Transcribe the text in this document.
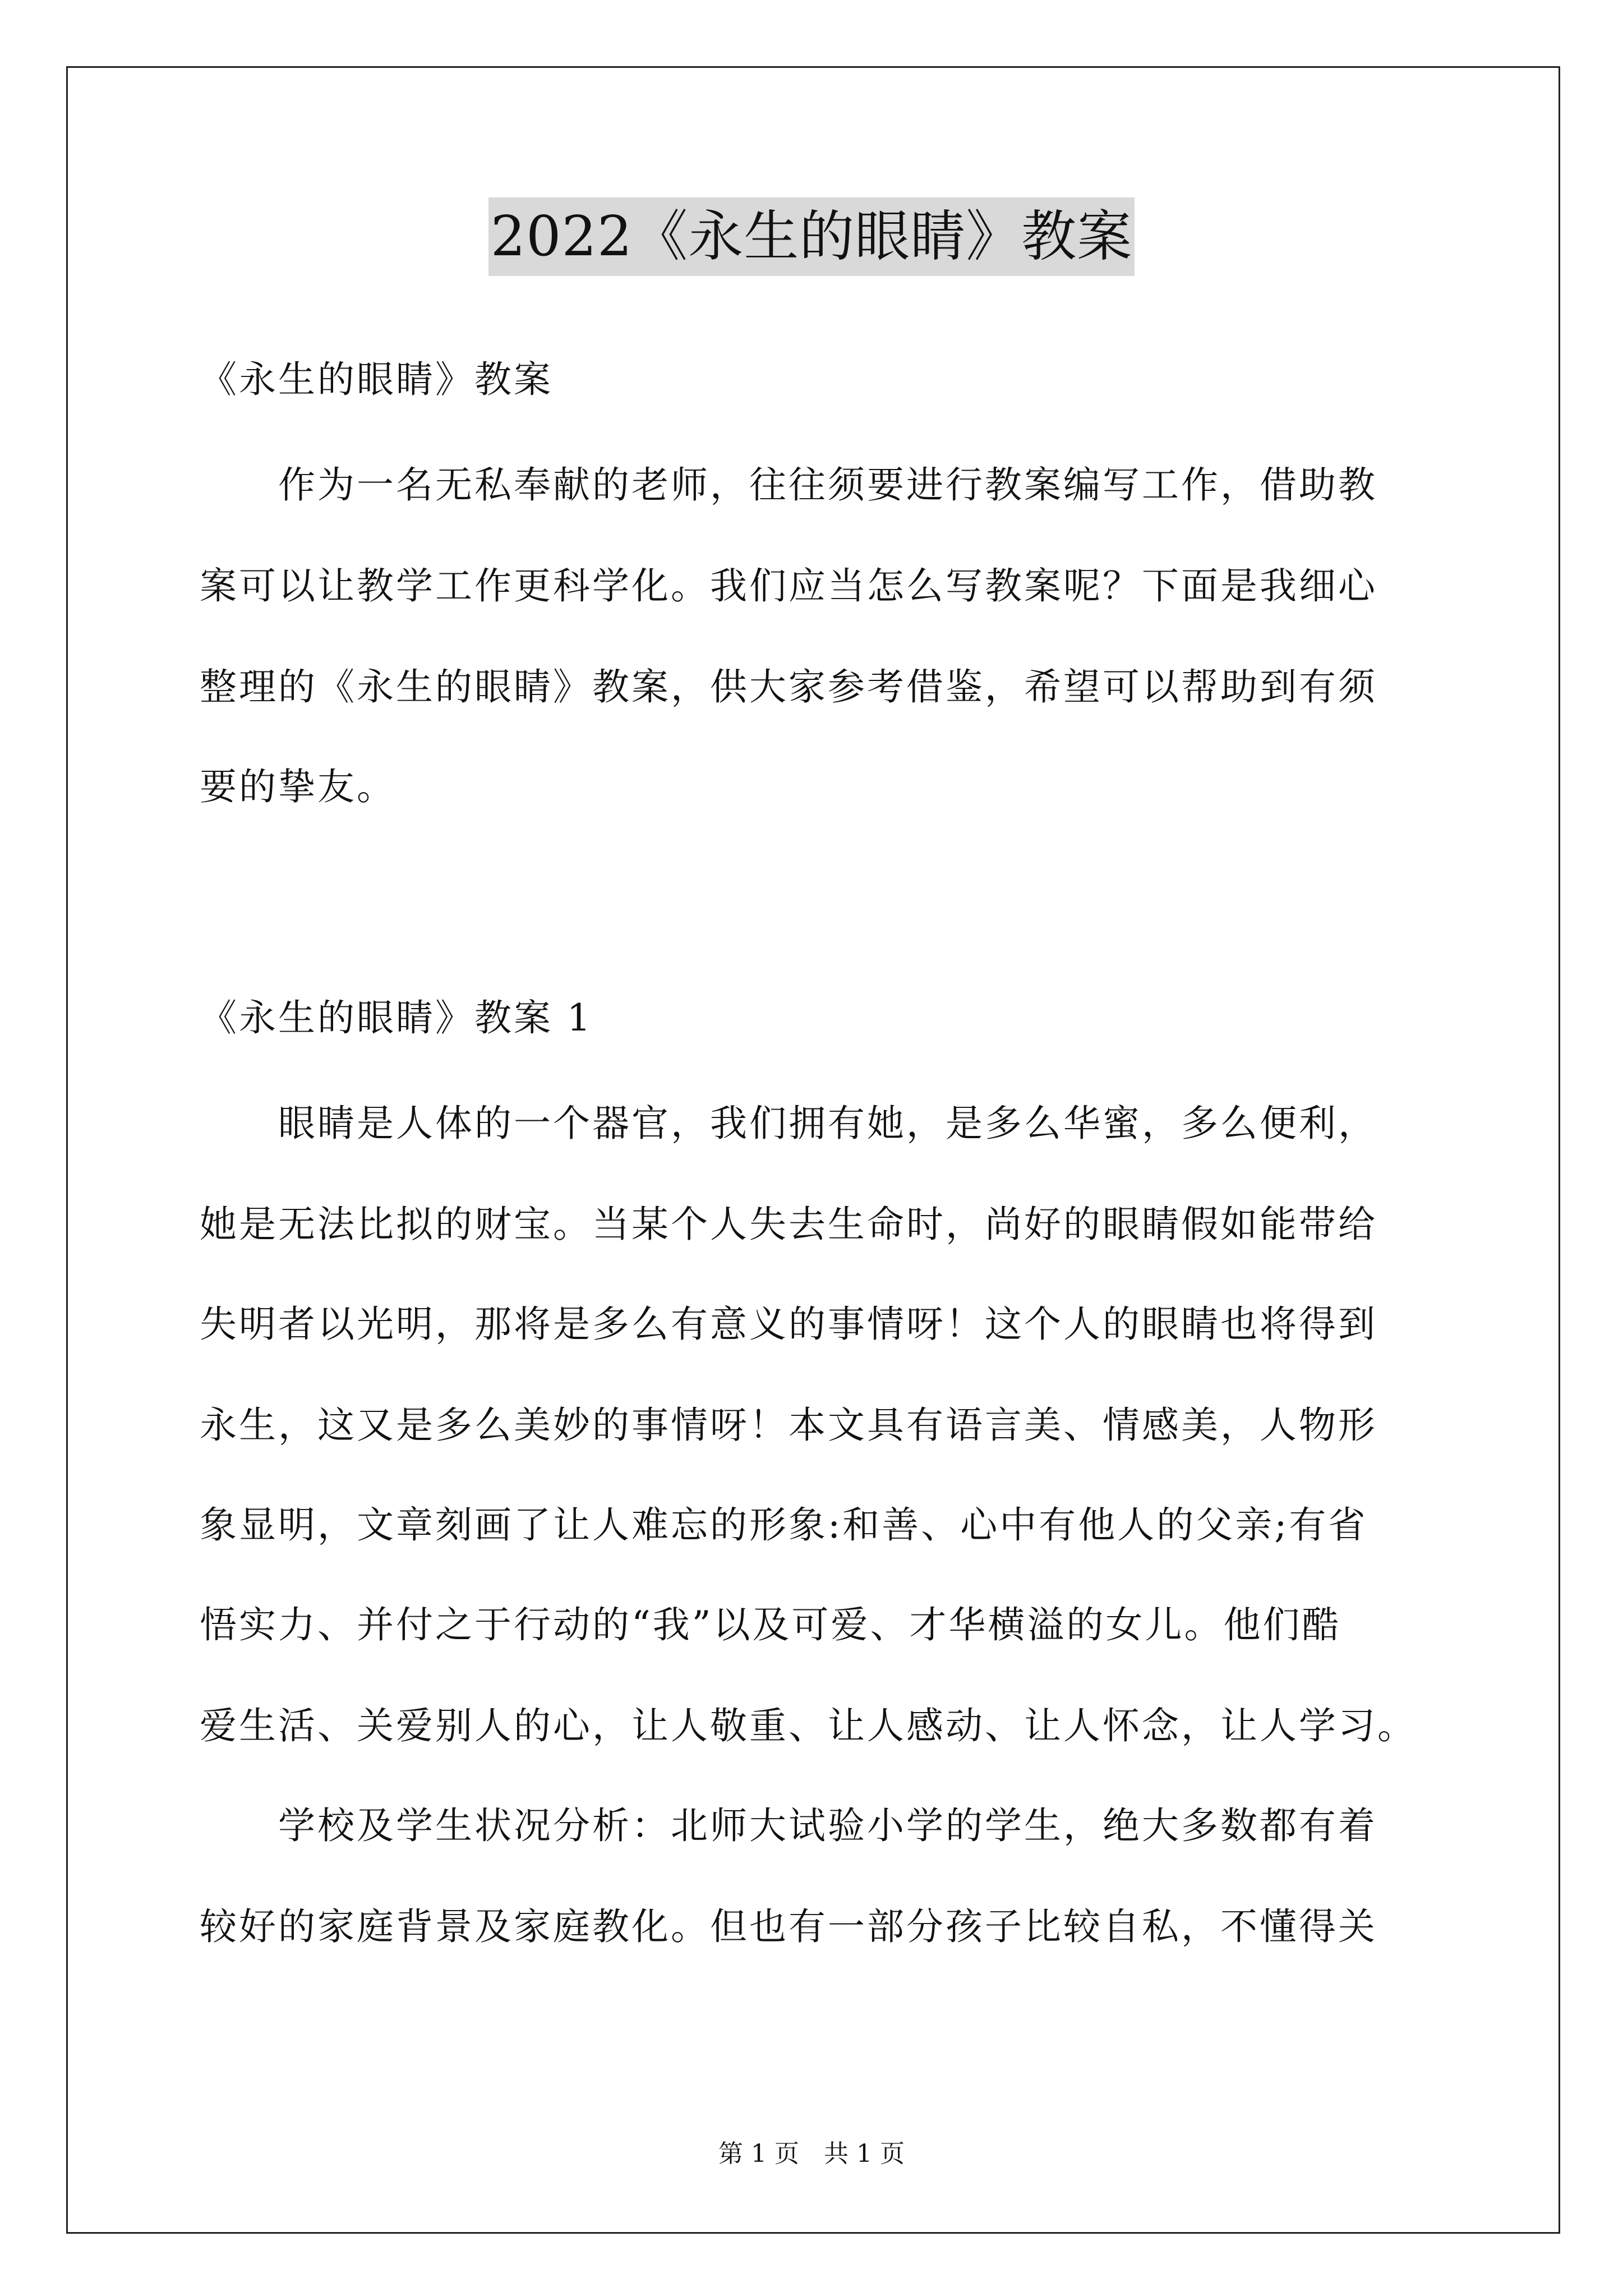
2022《永生的眼睛》教案
《永生的眼睛》教案
作为一名无私奉献的老师，往往须要进行教案编写工作，借助教
案可以让教学工作更科学化。我们应当怎么写教案呢？下面是我细心
整理的《永生的眼睛》教案，供大家参考借鉴，希望可以帮助到有须
要的挚友。
《永生的眼睛》教案 1
眼睛是人体的一个器官，我们拥有她，是多么华蜜，多么便利，
她是无法比拟的财宝。当某个人失去生命时，尚好的眼睛假如能带给
失明者以光明，那将是多么有意义的事情呀！这个人的眼睛也将得到
永生，这又是多么美妙的事情呀！本文具有语言美、情感美，人物形
象显明，文章刻画了让人难忘的形象:和善、心中有他人的父亲;有省
悟实力、并付之于行动的“我”以及可爱、才华横溢的女儿。他们酷
爱生活、关爱别人的心，让人敬重、让人感动、让人怀念，让人学习。
学校及学生状况分析：北师大试验小学的学生，绝大多数都有着
较好的家庭背景及家庭教化。但也有一部分孩子比较自私，不懂得关
第 1 页　共 1 页
